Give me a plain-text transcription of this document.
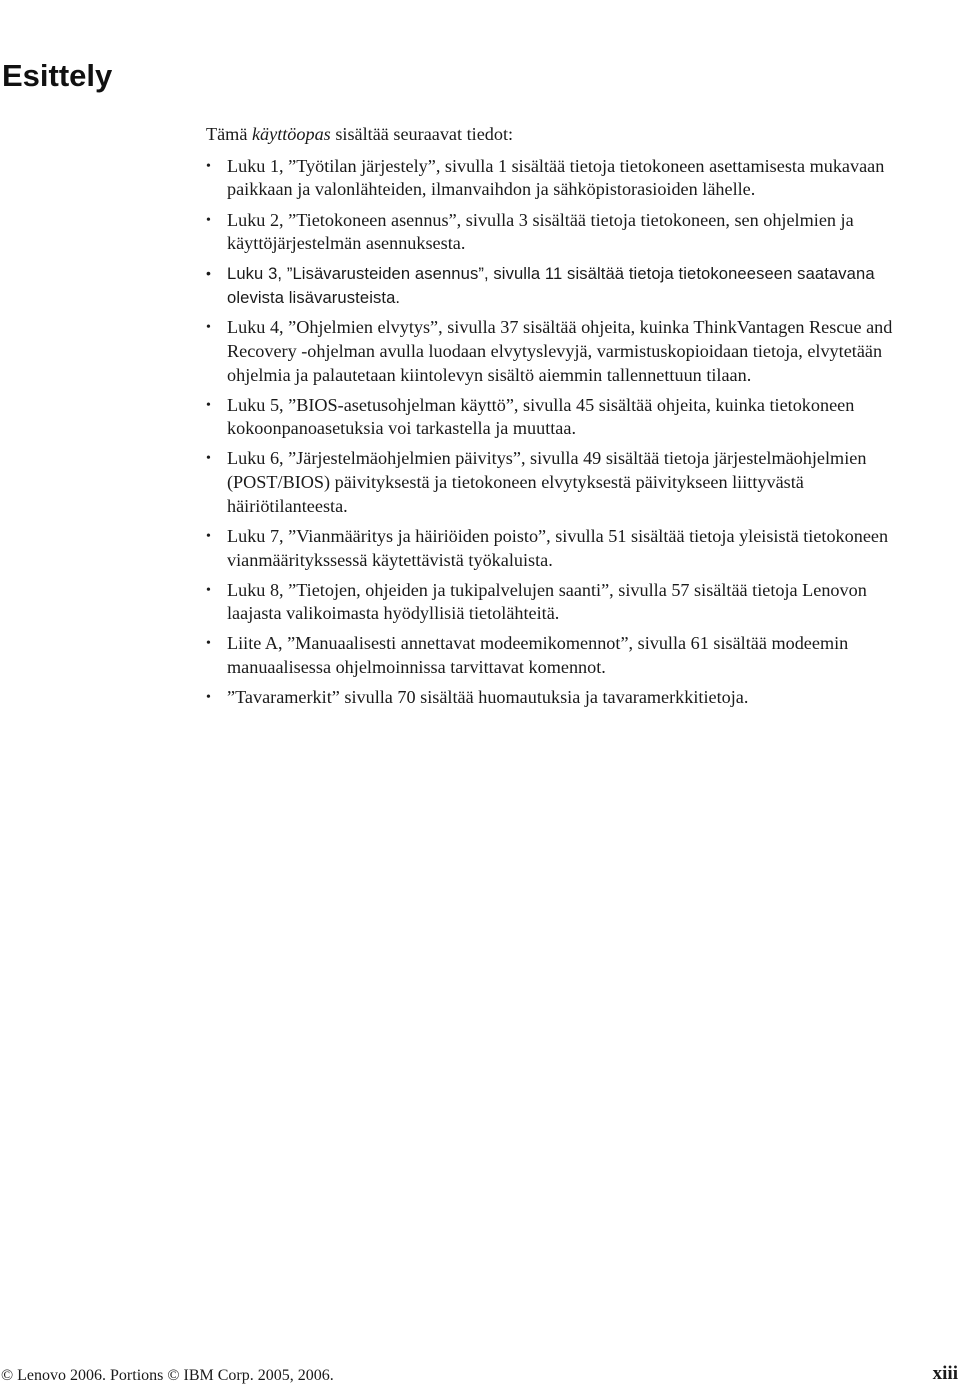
Esittely

Tämä käyttöopas sisältää seuraavat tiedot:

• Luku 1, ”Työtilan järjestely”, sivulla 1 sisältää tietoja tietokoneen asettamisesta mukavaan paikkaan ja valonlähteiden, ilmanvaihdon ja sähköpistorasioiden lähelle.
• Luku 2, ”Tietokoneen asennus”, sivulla 3 sisältää tietoja tietokoneen, sen ohjelmien ja käyttöjärjestelmän asennuksesta.
• Luku 3, ”Lisävarusteiden asennus”, sivulla 11 sisältää tietoja tietokoneeseen saatavana olevista lisävarusteista.
• Luku 4, ”Ohjelmien elvytys”, sivulla 37 sisältää ohjeita, kuinka ThinkVantagen Rescue and Recovery -ohjelman avulla luodaan elvytyslevyjä, varmistuskopioidaan tietoja, elvytetään ohjelmia ja palautetaan kiintolevyn sisältö aiemmin tallennettuun tilaan.
• Luku 5, ”BIOS-asetusohjelman käyttö”, sivulla 45 sisältää ohjeita, kuinka tietokoneen kokoonpanoasetuksia voi tarkastella ja muuttaa.
• Luku 6, ”Järjestelmäohjelmien päivitys”, sivulla 49 sisältää tietoja järjestelmäohjelmien (POST/BIOS) päivityksestä ja tietokoneen elvytyksestä päivitykseen liittyvästä häiriötilanteesta.
• Luku 7, ”Vianmääritys ja häiriöiden poisto”, sivulla 51 sisältää tietoja yleisistä tietokoneen vianmääritykssessä käytettävistä työkaluista.
• Luku 8, ”Tietojen, ohjeiden ja tukipalvelujen saanti”, sivulla 57 sisältää tietoja Lenovon laajasta valikoimasta hyödyllisiä tietolähteitä.
• Liite A, ”Manuaalisesti annettavat modeemikomennot”, sivulla 61 sisältää modeemin manuaalisessa ohjelmoinnissa tarvittavat komennot.
• ”Tavaramerkit” sivulla 70 sisältää huomautuksia ja tavaramerkkitietoja.
© Lenovo 2006. Portions © IBM Corp. 2005, 2006.	xiii
